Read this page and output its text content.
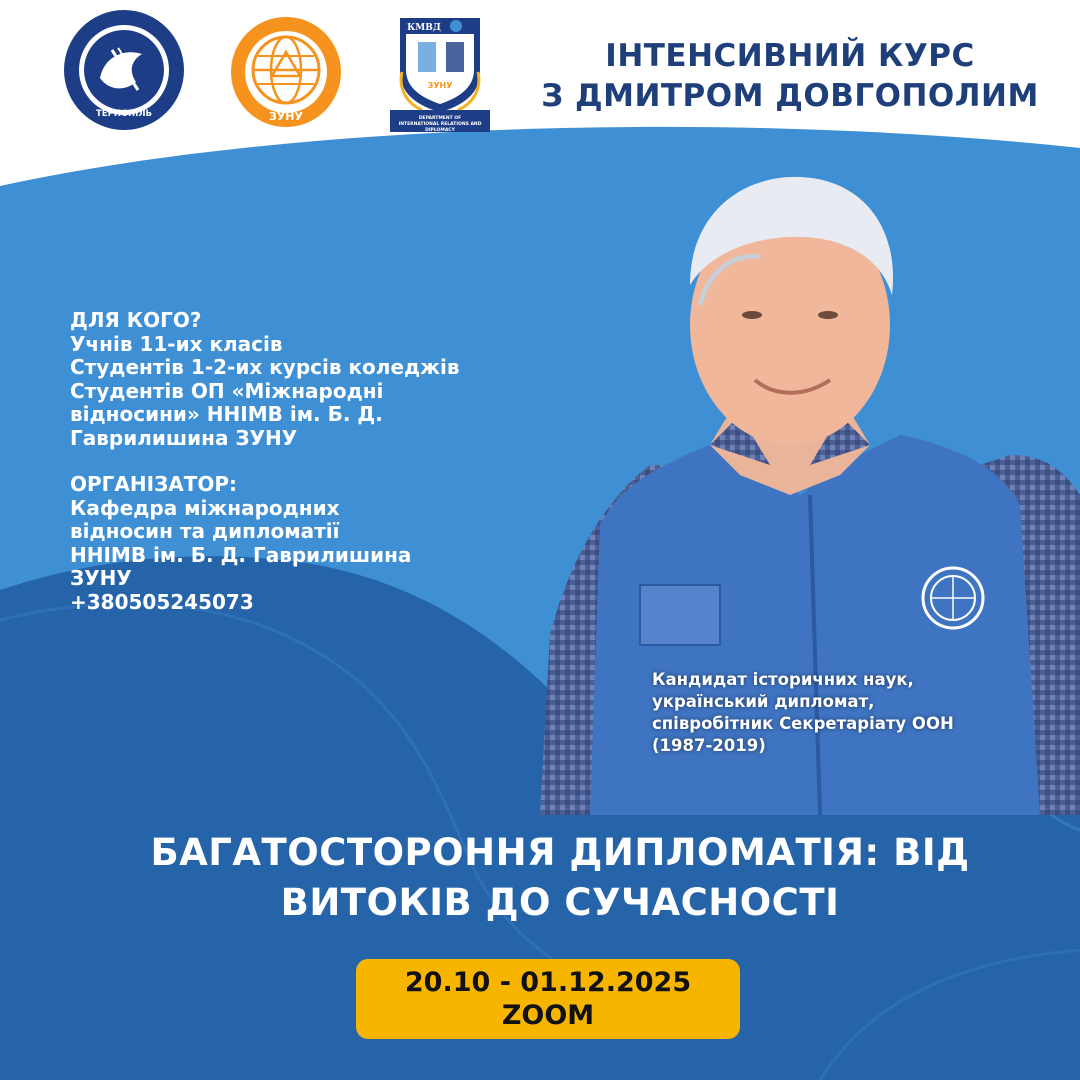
ТЕРНОПІЛЬ	ЗУНУ
КМВД
ЗУНУ
DEPARTMENT OF
INTERNATIONAL RELATIONS AND
DIPLOMACY
ІНТЕНСИВНИЙ КУРС
З ДМИТРОМ ДОВГОПОЛИМ
ДЛЯ КОГО?
Учнів 11-их класів
Студентів 1-2-их курсів коледжів
Студентів ОП «Міжнародні
відносини» ННІМВ ім. Б. Д.
Гаврилишина ЗУНУ
ОРГАНІЗАТОР:
Кафедра міжнародних
відносин та дипломатії
ННІМВ ім. Б. Д. Гаврилишина
ЗУНУ
+380505245073
Кандидат історичних наук,
український дипломат,
співробітник Секретаріату ООН
(1987-2019)
БАГАТОСТОРОННЯ ДИПЛОМАТІЯ: ВІД
ВИТОКІВ ДО СУЧАСНОСТІ
20.10 - 01.12.2025
ZOOM
